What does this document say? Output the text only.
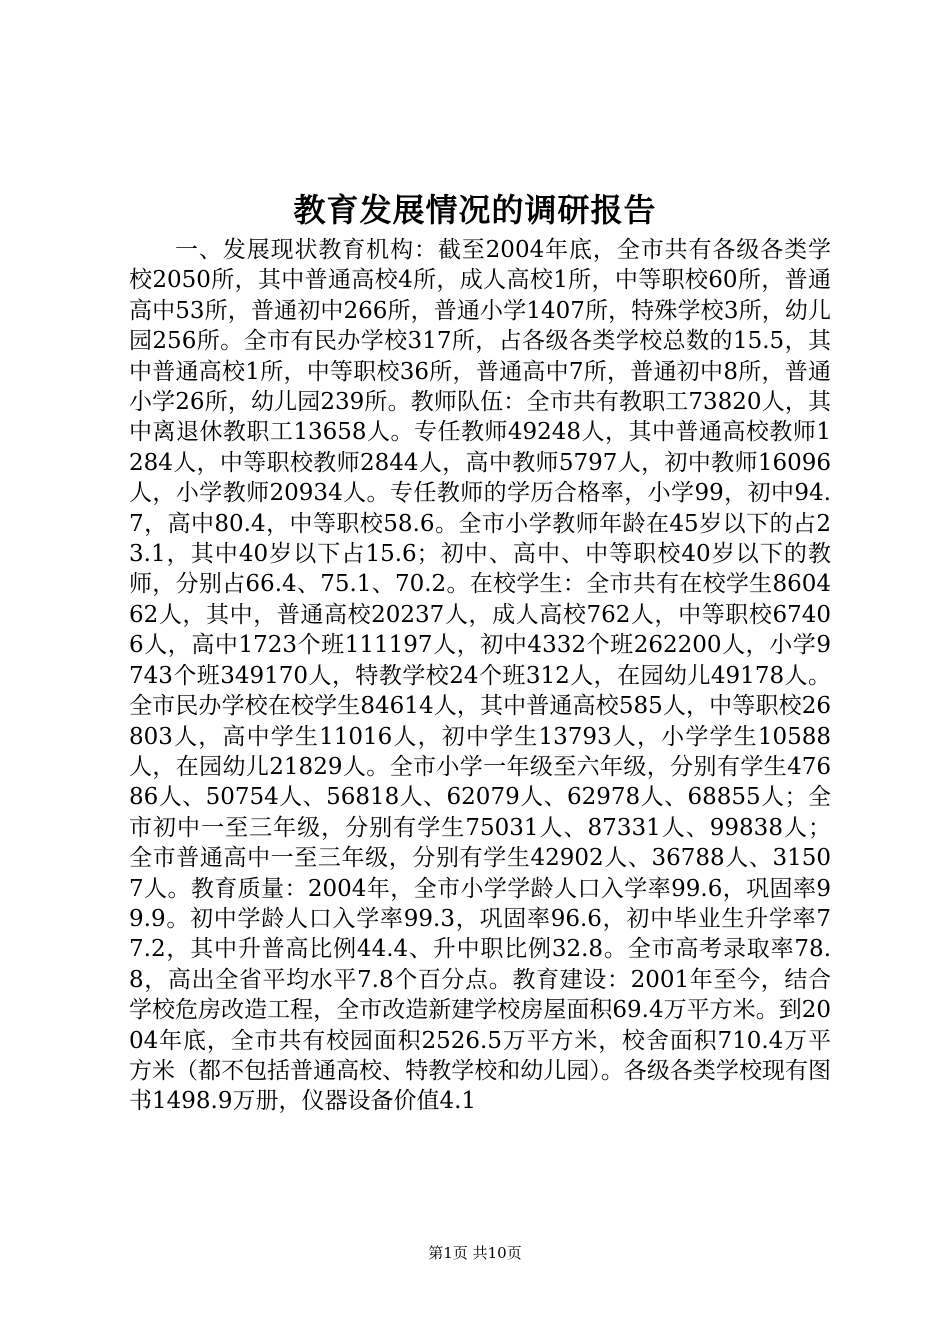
教育发展情况的调研报告

一、发展现状教育机构：截至2004年底，全市共有各级各类学校2050所，其中普通高校4所，成人高校1所，中等职校60所，普通高中53所，普通初中266所，普通小学1407所，特殊学校3所，幼儿园256所。全市有民办学校317所，占各级各类学校总数的15.5，其中普通高校1所，中等职校36所，普通高中7所，普通初中8所，普通小学26所，幼儿园239所。教师队伍：全市共有教职工73820人，其中离退休教职工13658人。专任教师49248人，其中普通高校教师1284人，中等职校教师2844人，高中教师5797人，初中教师16096人，小学教师20934人。专任教师的学历合格率，小学99，初中94.7，高中80.4，中等职校58.6。全市小学教师年龄在45岁以下的占23.1，其中40岁以下占15.6；初中、高中、中等职校40岁以下的教师，分别占66.4、75.1、70.2。在校学生：全市共有在校学生860462人，其中，普通高校20237人，成人高校762人，中等职校67406人，高中1723个班111197人，初中4332个班262200人，小学9743个班349170人，特教学校24个班312人，在园幼儿49178人。全市民办学校在校学生84614人，其中普通高校585人，中等职校26803人，高中学生11016人，初中学生13793人，小学学生10588人，在园幼儿21829人。全市小学一年级至六年级，分别有学生47686人、50754人、56818人、62079人、62978人、68855人；全市初中一至三年级，分别有学生75031人、87331人、99838人；全市普通高中一至三年级，分别有学生42902人、36788人、31507人。教育质量：2004年，全市小学学龄人口入学率99.6，巩固率99.9。初中学龄人口入学率99.3，巩固率96.6，初中毕业生升学率77.2，其中升普高比例44.4、升中职比例32.8。全市高考录取率78.8，高出全省平均水平7.8个百分点。教育建设：2001年至今，结合学校危房改造工程，全市改造新建学校房屋面积69.4万平方米。到2004年底，全市共有校园面积2526.5万平方米，校舍面积710.4万平方米（都不包括普通高校、特教学校和幼儿园）。各级各类学校现有图书1498.9万册，仪器设备价值4.1

第1页 共10页
